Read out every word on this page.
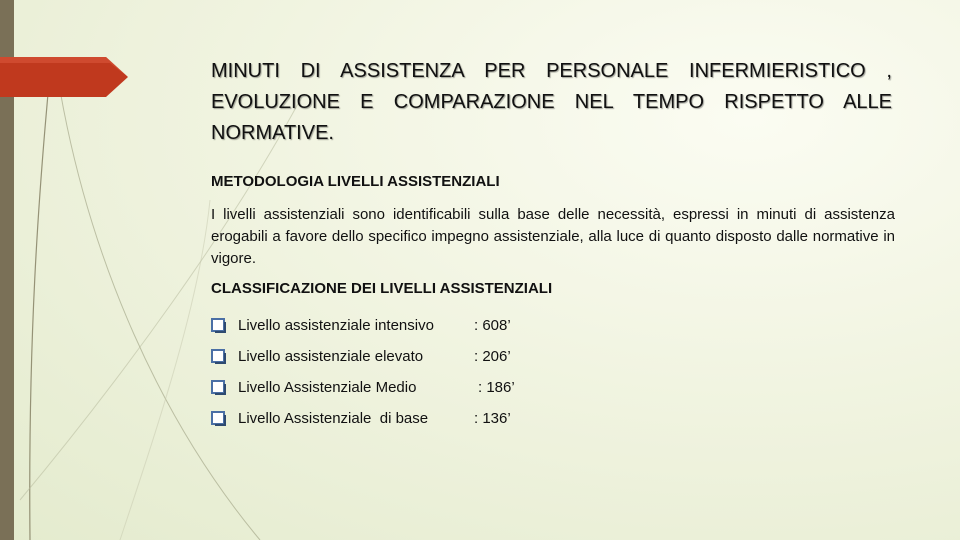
MINUTI DI ASSISTENZA PER PERSONALE INFERMIERISTICO , EVOLUZIONE E COMPARAZIONE NEL TEMPO RISPETTO ALLE NORMATIVE.
METODOLOGIA LIVELLI ASSISTENZIALI

I livelli assistenziali sono identificabili sulla base delle necessità, espressi in minuti di assistenza erogabili a favore dello specifico impegno assistenziale, alla luce di quanto disposto dalle normative in vigore.

CLASSIFICAZIONE DEI LIVELLI ASSISTENZIALI
Livello assistenziale intensivo	: 608’
Livello assistenziale elevato	: 206’
Livello Assistenziale Medio	: 186’
Livello Assistenziale  di base	: 136’
